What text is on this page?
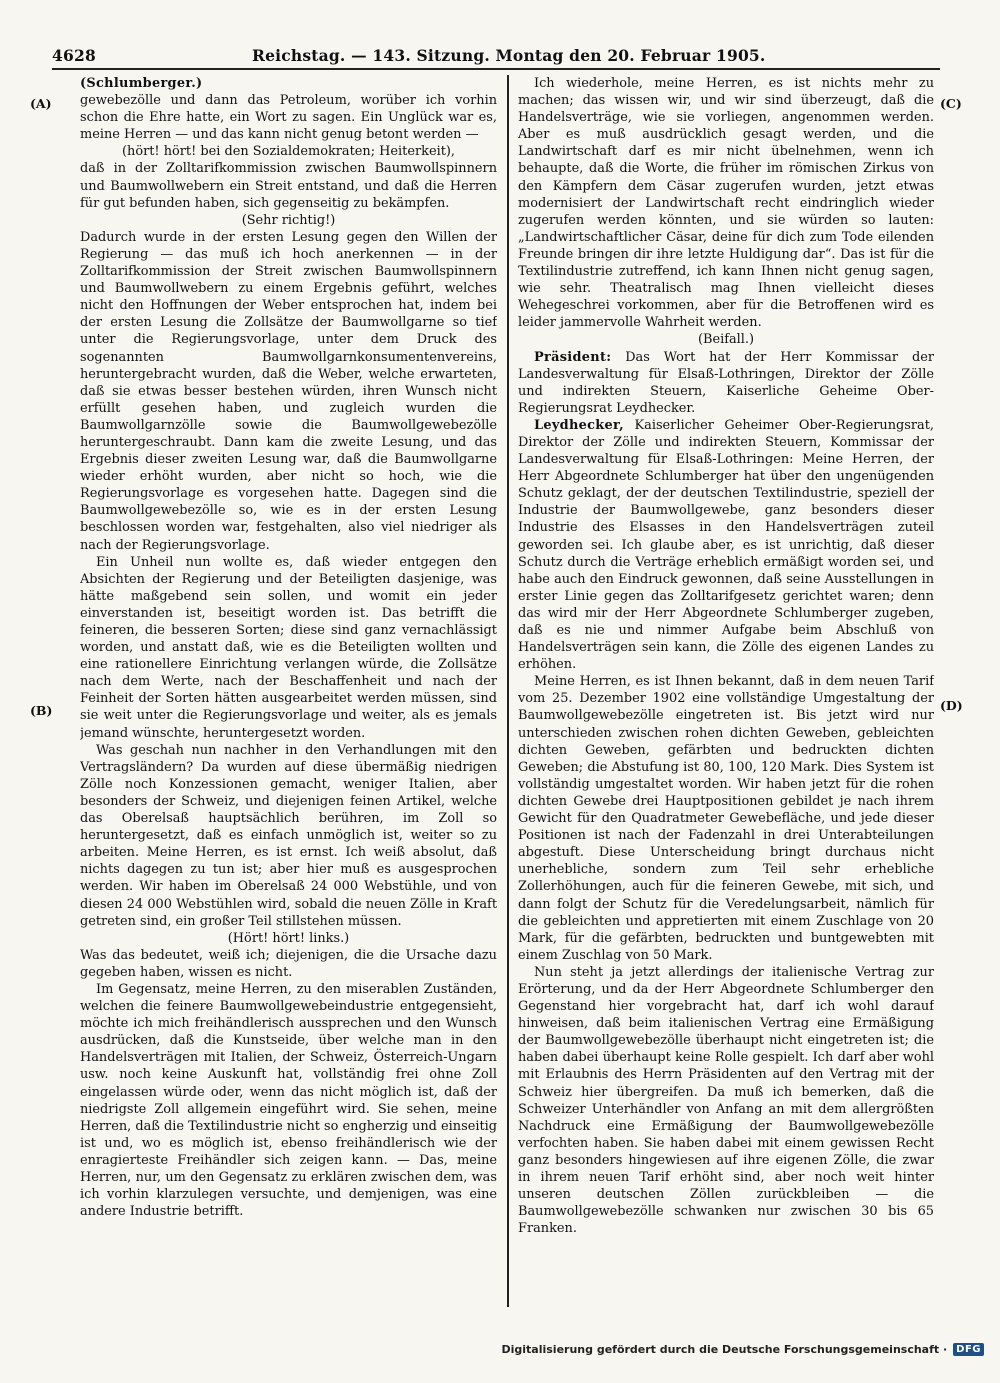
4628	Reichstag. — 143. Sitzung. Montag den 20. Februar 1905.
(A)
(B)
(C)
(D)

(Schlumberger.)

gewebezölle und dann das Petroleum, worüber ich vorhin schon die Ehre hatte, ein Wort zu sagen. Ein Unglück war es, meine Herren — und das kann nicht genug betont werden —

(hört! hört! bei den Sozialdemokraten; Heiterkeit),

daß in der Zolltarifkommission zwischen Baumwollspinnern und Baumwollwebern ein Streit entstand, und daß die Herren für gut befunden haben, sich gegenseitig zu bekämpfen.

(Sehr richtig!)

Dadurch wurde in der ersten Lesung gegen den Willen der Regierung — das muß ich hoch anerkennen — in der Zolltarifkommission der Streit zwischen Baumwollspinnern und Baumwollwebern zu einem Ergebnis geführt, welches nicht den Hoffnungen der Weber entsprochen hat, indem bei der ersten Lesung die Zollsätze der Baumwollgarne so tief unter die Regierungsvorlage, unter dem Druck des sogenannten Baumwollgarnkonsumentenvereins, heruntergebracht wurden, daß die Weber, welche erwarteten, daß sie etwas besser bestehen würden, ihren Wunsch nicht erfüllt gesehen haben, und zugleich wurden die Baumwollgarnzölle sowie die Baumwollgewebezölle heruntergeschraubt. Dann kam die zweite Lesung, und das Ergebnis dieser zweiten Lesung war, daß die Baumwollgarne wieder erhöht wurden, aber nicht so hoch, wie die Regierungsvorlage es vorgesehen hatte. Dagegen sind die Baumwollgewebezölle so, wie es in der ersten Lesung beschlossen worden war, festgehalten, also viel niedriger als nach der Regierungsvorlage.

Ein Unheil nun wollte es, daß wieder entgegen den Absichten der Regierung und der Beteiligten dasjenige, was hätte maßgebend sein sollen, und womit ein jeder einverstanden ist, beseitigt worden ist. Das betrifft die feineren, die besseren Sorten; diese sind ganz vernachlässigt worden, und anstatt daß, wie es die Beteiligten wollten und eine rationellere Einrichtung verlangen würde, die Zollsätze nach dem Werte, nach der Beschaffenheit und nach der Feinheit der Sorten hätten ausgearbeitet werden müssen, sind sie weit unter die Regierungsvorlage und weiter, als es jemals jemand wünschte, heruntergesetzt worden.

Was geschah nun nachher in den Verhandlungen mit den Vertragsländern? Da wurden auf diese übermäßig niedrigen Zölle noch Konzessionen gemacht, weniger Italien, aber besonders der Schweiz, und diejenigen feinen Artikel, welche das Oberelsaß hauptsächlich berühren, im Zoll so heruntergesetzt, daß es einfach unmöglich ist, weiter so zu arbeiten. Meine Herren, es ist ernst. Ich weiß absolut, daß nichts dagegen zu tun ist; aber hier muß es ausgesprochen werden. Wir haben im Oberelsaß 24 000 Webstühle, und von diesen 24 000 Webstühlen wird, sobald die neuen Zölle in Kraft getreten sind, ein großer Teil stillstehen müssen.

(Hört! hört! links.)

Was das bedeutet, weiß ich; diejenigen, die die Ursache dazu gegeben haben, wissen es nicht.

Im Gegensatz, meine Herren, zu den miserablen Zuständen, welchen die feinere Baumwollgewebeindustrie entgegensieht, möchte ich mich freihändlerisch aussprechen und den Wunsch ausdrücken, daß die Kunstseide, über welche man in den Handelsverträgen mit Italien, der Schweiz, Österreich-Ungarn usw. noch keine Auskunft hat, vollständig frei ohne Zoll eingelassen würde oder, wenn das nicht möglich ist, daß der niedrigste Zoll allgemein eingeführt wird. Sie sehen, meine Herren, daß die Textilindustrie nicht so engherzig und einseitig ist und, wo es möglich ist, ebenso freihändlerisch wie der enragierteste Freihändler sich zeigen kann. — Das, meine Herren, nur, um den Gegensatz zu erklären zwischen dem, was ich vorhin klarzulegen versuchte, und demjenigen, was eine andere Industrie betrifft.

Ich wiederhole, meine Herren, es ist nichts mehr zu machen; das wissen wir, und wir sind überzeugt, daß die Handelsverträge, wie sie vorliegen, angenommen werden. Aber es muß ausdrücklich gesagt werden, und die Landwirtschaft darf es mir nicht übelnehmen, wenn ich behaupte, daß die Worte, die früher im römischen Zirkus von den Kämpfern dem Cäsar zugerufen wurden, jetzt etwas modernisiert der Landwirtschaft recht eindringlich wieder zugerufen werden könnten, und sie würden so lauten: „Landwirtschaftlicher Cäsar, deine für dich zum Tode eilenden Freunde bringen dir ihre letzte Huldigung dar“. Das ist für die Textilindustrie zutreffend, ich kann Ihnen nicht genug sagen, wie sehr. Theatralisch mag Ihnen vielleicht dieses Wehegeschrei vorkommen, aber für die Betroffenen wird es leider jammervolle Wahrheit werden.

(Beifall.)

Präsident: Das Wort hat der Herr Kommissar der Landesverwaltung für Elsaß-Lothringen, Direktor der Zölle und indirekten Steuern, Kaiserliche Geheime Ober-Regierungsrat Leydhecker.

Leydhecker, Kaiserlicher Geheimer Ober-Regierungsrat, Direktor der Zölle und indirekten Steuern, Kommissar der Landesverwaltung für Elsaß-Lothringen: Meine Herren, der Herr Abgeordnete Schlumberger hat über den ungenügenden Schutz geklagt, der der deutschen Textilindustrie, speziell der Industrie der Baumwollgewebe, ganz besonders dieser Industrie des Elsasses in den Handelsverträgen zuteil geworden sei. Ich glaube aber, es ist unrichtig, daß dieser Schutz durch die Verträge erheblich ermäßigt worden sei, und habe auch den Eindruck gewonnen, daß seine Ausstellungen in erster Linie gegen das Zolltarifgesetz gerichtet waren; denn das wird mir der Herr Abgeordnete Schlumberger zugeben, daß es nie und nimmer Aufgabe beim Abschluß von Handelsverträgen sein kann, die Zölle des eigenen Landes zu erhöhen.

Meine Herren, es ist Ihnen bekannt, daß in dem neuen Tarif vom 25. Dezember 1902 eine vollständige Umgestaltung der Baumwollgewebezölle eingetreten ist. Bis jetzt wird nur unterschieden zwischen rohen dichten Geweben, gebleichten dichten Geweben, gefärbten und bedruckten dichten Geweben; die Abstufung ist 80, 100, 120 Mark. Dies System ist vollständig umgestaltet worden. Wir haben jetzt für die rohen dichten Gewebe drei Hauptpositionen gebildet je nach ihrem Gewicht für den Quadratmeter Gewebefläche, und jede dieser Positionen ist nach der Fadenzahl in drei Unterabteilungen abgestuft. Diese Unterscheidung bringt durchaus nicht unerhebliche, sondern zum Teil sehr erhebliche Zollerhöhungen, auch für die feineren Gewebe, mit sich, und dann folgt der Schutz für die Veredelungsarbeit, nämlich für die gebleichten und appretierten mit einem Zuschlage von 20 Mark, für die gefärbten, bedruckten und buntgewebten mit einem Zuschlag von 50 Mark.

Nun steht ja jetzt allerdings der italienische Vertrag zur Erörterung, und da der Herr Abgeordnete Schlumberger den Gegenstand hier vorgebracht hat, darf ich wohl darauf hinweisen, daß beim italienischen Vertrag eine Ermäßigung der Baumwollgewebezölle überhaupt nicht eingetreten ist; die haben dabei überhaupt keine Rolle gespielt. Ich darf aber wohl mit Erlaubnis des Herrn Präsidenten auf den Vertrag mit der Schweiz hier übergreifen. Da muß ich bemerken, daß die Schweizer Unterhändler von Anfang an mit dem allergrößten Nachdruck eine Ermäßigung der Baumwollgewebezölle verfochten haben. Sie haben dabei mit einem gewissen Recht ganz besonders hingewiesen auf ihre eigenen Zölle, die zwar in ihrem neuen Tarif erhöht sind, aber noch weit hinter unseren deutschen Zöllen zurückbleiben — die Baumwollgewebezölle schwanken nur zwischen 30 bis 65 Franken.

Digitalisierung gefördert durch die Deutsche Forschungsgemeinschaft · DFG
